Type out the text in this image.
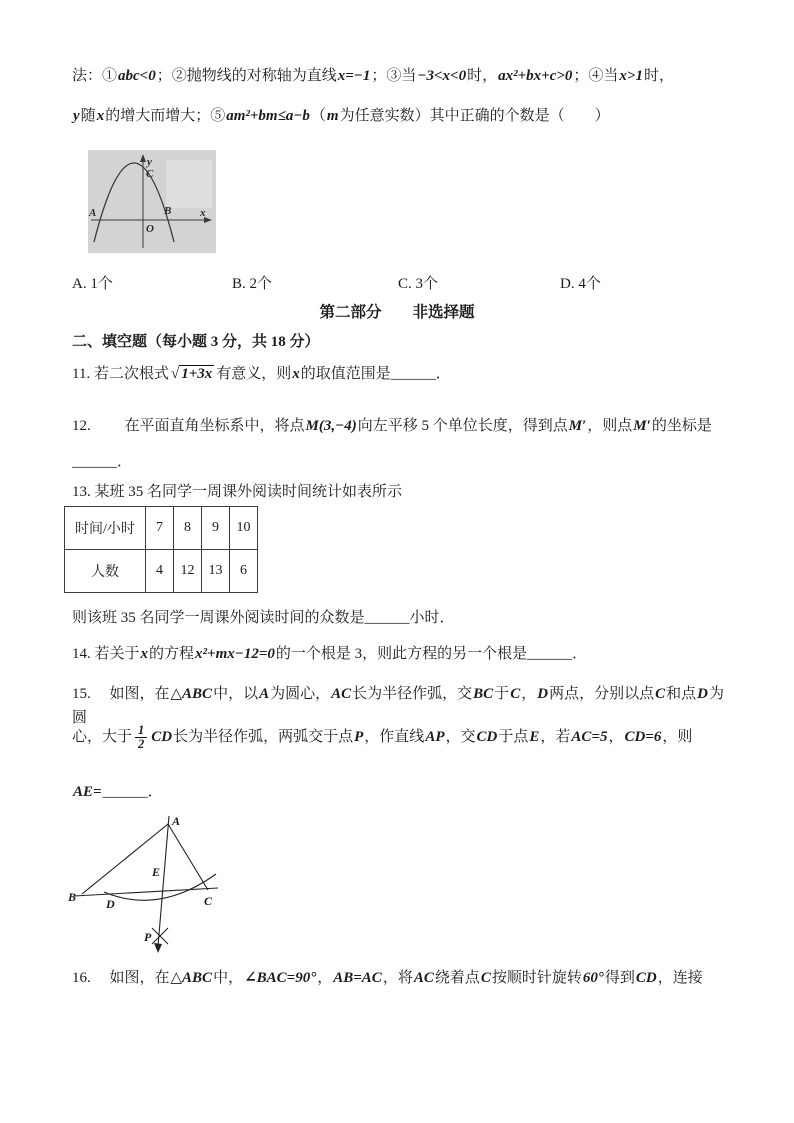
法：①abc<0；②抛物线的对称轴为直线x=−1；③当−3<x<0时，ax²+bx+c>0；④当x>1时，

y随x的增大而增大；⑤am²+bm≤a−b（m为任意实数）其中正确的个数是（　　）

y
x
O
A	B
C
A. 1个	B. 2个	C. 3个	D. 4个

第二部分　　非选择题

二、填空题（每小题 3 分，共 18 分）

11. 若二次根式 √ 1+3x 有意义，则x的取值范围是______．

12. 　　在平面直角坐标系中，将点M(3,−4)向左平移 5 个单位长度，得到点M′，则点M′的坐标是

______．

13. 某班 35 名同学一周课外阅读时间统计如表所示

时间/小时	7	8	9	10
人数	4	12	13	6

则该班 35 名同学一周课外阅读时间的众数是______小时．

14. 若关于x的方程x²+mx−12=0的一个根是 3，则此方程的另一个根是______．

15. 　如图，在△ABC中，以A为圆心，AC长为半径作弧，交BC于C，D两点，分别以点C和点D为圆

心，大于 $\frac{1}{2}$ CD长为半径作弧，两弧交于点P，作直线AP，交CD于点E，若AC=5，CD=6，则

AE=______．

A
B	C
D
E
P

16. 　如图，在△ABC中，∠BAC=90°，AB=AC，将AC绕着点C按顺时针旋转60°得到CD，连接
